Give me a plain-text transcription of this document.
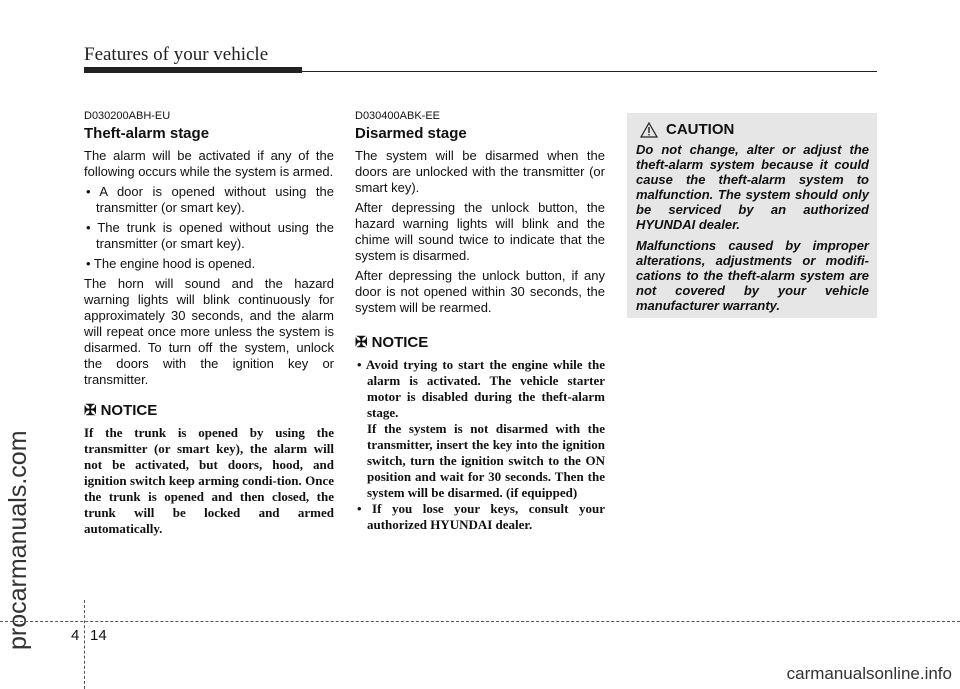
Features of your vehicle
procarmanuals.com

D030200ABH-EU

Theft-alarm stage

The alarm will be activated if any of the following occurs while the system is armed.

• A door is opened without using the transmitter (or smart key).

• The trunk is opened without using the transmitter (or smart key).

• The engine hood is opened.

The horn will sound and the hazard warning lights will blink continuously for approximately 30 seconds, and the alarm will repeat once more unless the system is disarmed. To turn off the system, unlock the doors with the ignition key or transmitter.

✠ NOTICE

If the trunk is opened by using the transmitter (or smart key), the alarm will not be activated, but doors, hood, and ignition switch keep arming condi-tion. Once the trunk is opened and then closed, the trunk will be locked and armed automatically.

D030400ABK-EE

Disarmed stage

The system will be disarmed when the doors are unlocked with the transmitter (or smart key).

After depressing the unlock button, the hazard warning lights will blink and the chime will sound twice to indicate that the system is disarmed.

After depressing the unlock button, if any door is not opened within 30 seconds, the system will be rearmed.

✠ NOTICE

• Avoid trying to start the engine while the alarm is activated. The vehicle starter motor is disabled during the theft-alarm stage.

If the system is not disarmed with the transmitter, insert the key into the ignition switch, turn the ignition switch to the ON position and wait for 30 seconds. Then the system will be disarmed. (if equipped)

• If you lose your keys, consult your authorized HYUNDAI dealer.

CAUTION

Do not change, alter or adjust the theft-alarm system because it could cause the theft-alarm system to malfunction. The system should only be serviced by an authorized HYUNDAI dealer.

Malfunctions caused by improper alterations, adjustments or modifi-cations to the theft-alarm system are not covered by your vehicle manufacturer warranty.

4 14
carmanualsonline.info
